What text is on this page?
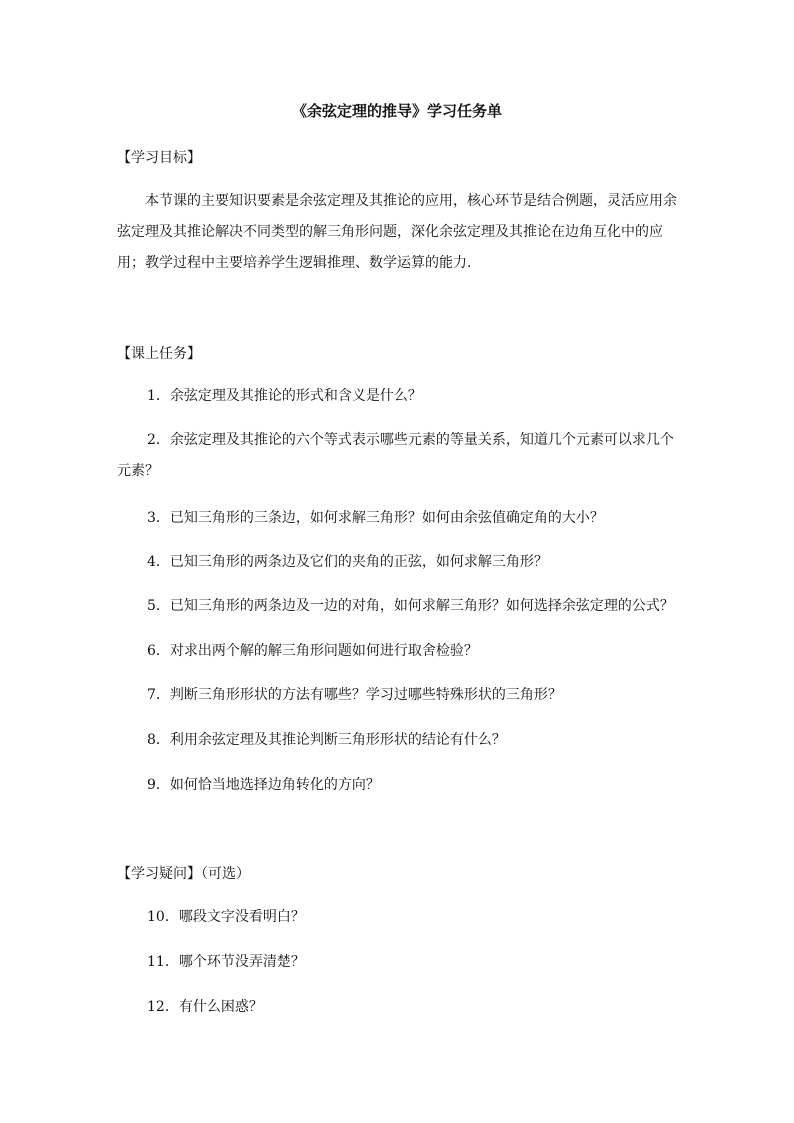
《余弦定理的推导》学习任务单

【学习目标】

本节课的主要知识要素是余弦定理及其推论的应用，核心环节是结合例题，灵活应用余弦定理及其推论解决不同类型的解三角形问题，深化余弦定理及其推论在边角互化中的应用；教学过程中主要培养学生逻辑推理、数学运算的能力.

【课上任务】

1．余弦定理及其推论的形式和含义是什么？

2．余弦定理及其推论的六个等式表示哪些元素的等量关系，知道几个元素可以求几个元素？

3．已知三角形的三条边，如何求解三角形？如何由余弦值确定角的大小？

4．已知三角形的两条边及它们的夹角的正弦，如何求解三角形？

5．已知三角形的两条边及一边的对角，如何求解三角形？如何选择余弦定理的公式？

6．对求出两个解的解三角形问题如何进行取舍检验？

7．判断三角形形状的方法有哪些？学习过哪些特殊形状的三角形？

8．利用余弦定理及其推论判断三角形形状的结论有什么？

9．如何恰当地选择边角转化的方向？

【学习疑问】（可选）

10．哪段文字没看明白？

11．哪个环节没弄清楚？

12．有什么困惑？
